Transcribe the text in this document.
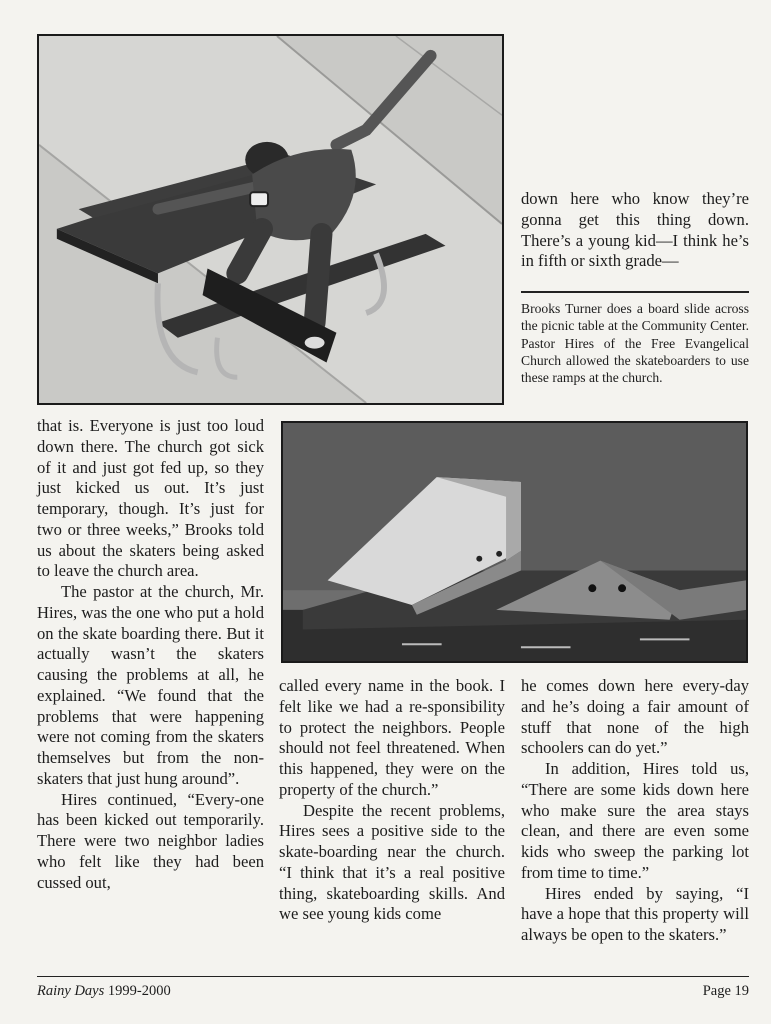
down here who know they’re gonna get this thing down. There’s a young kid—I think he’s in fifth or sixth grade—

Brooks Turner does a board slide across the picnic table at the Community Center. Pastor Hires of the Free Evangelical Church allowed the skateboarders to use these ramps at the church.

that is. Everyone is just too loud down there. The church got sick of it and just got fed up, so they just kicked us out. It’s just temporary, though. It’s just for two or three weeks,” Brooks told us about the skaters being asked to leave the church area.

The pastor at the church, Mr. Hires, was the one who put a hold on the skate boarding there. But it actually wasn’t the skaters causing the problems at all, he explained. “We found that the problems that were happening were not coming from the skaters themselves but from the non-skaters that just hung around”.

Hires continued, “Every-one has been kicked out temporarily. There were two neighbor ladies who felt like they had been cussed out,

called every name in the book. I felt like we had a re-sponsibility to protect the neighbors. People should not feel threatened. When this happened, they were on the property of the church.”

Despite the recent problems, Hires sees a positive side to the skate-boarding near the church. “I think that it’s a real positive thing, skateboarding skills. And we see young kids come

he comes down here every-day and he’s doing a fair amount of stuff that none of the high schoolers can do yet.”

In addition, Hires told us, “There are some kids down here who make sure the area stays clean, and there are even some kids who sweep the parking lot from time to time.”

Hires ended by saying, “I have a hope that this property will always be open to the skaters.”

Rainy Days 1999-2000	Page 19
